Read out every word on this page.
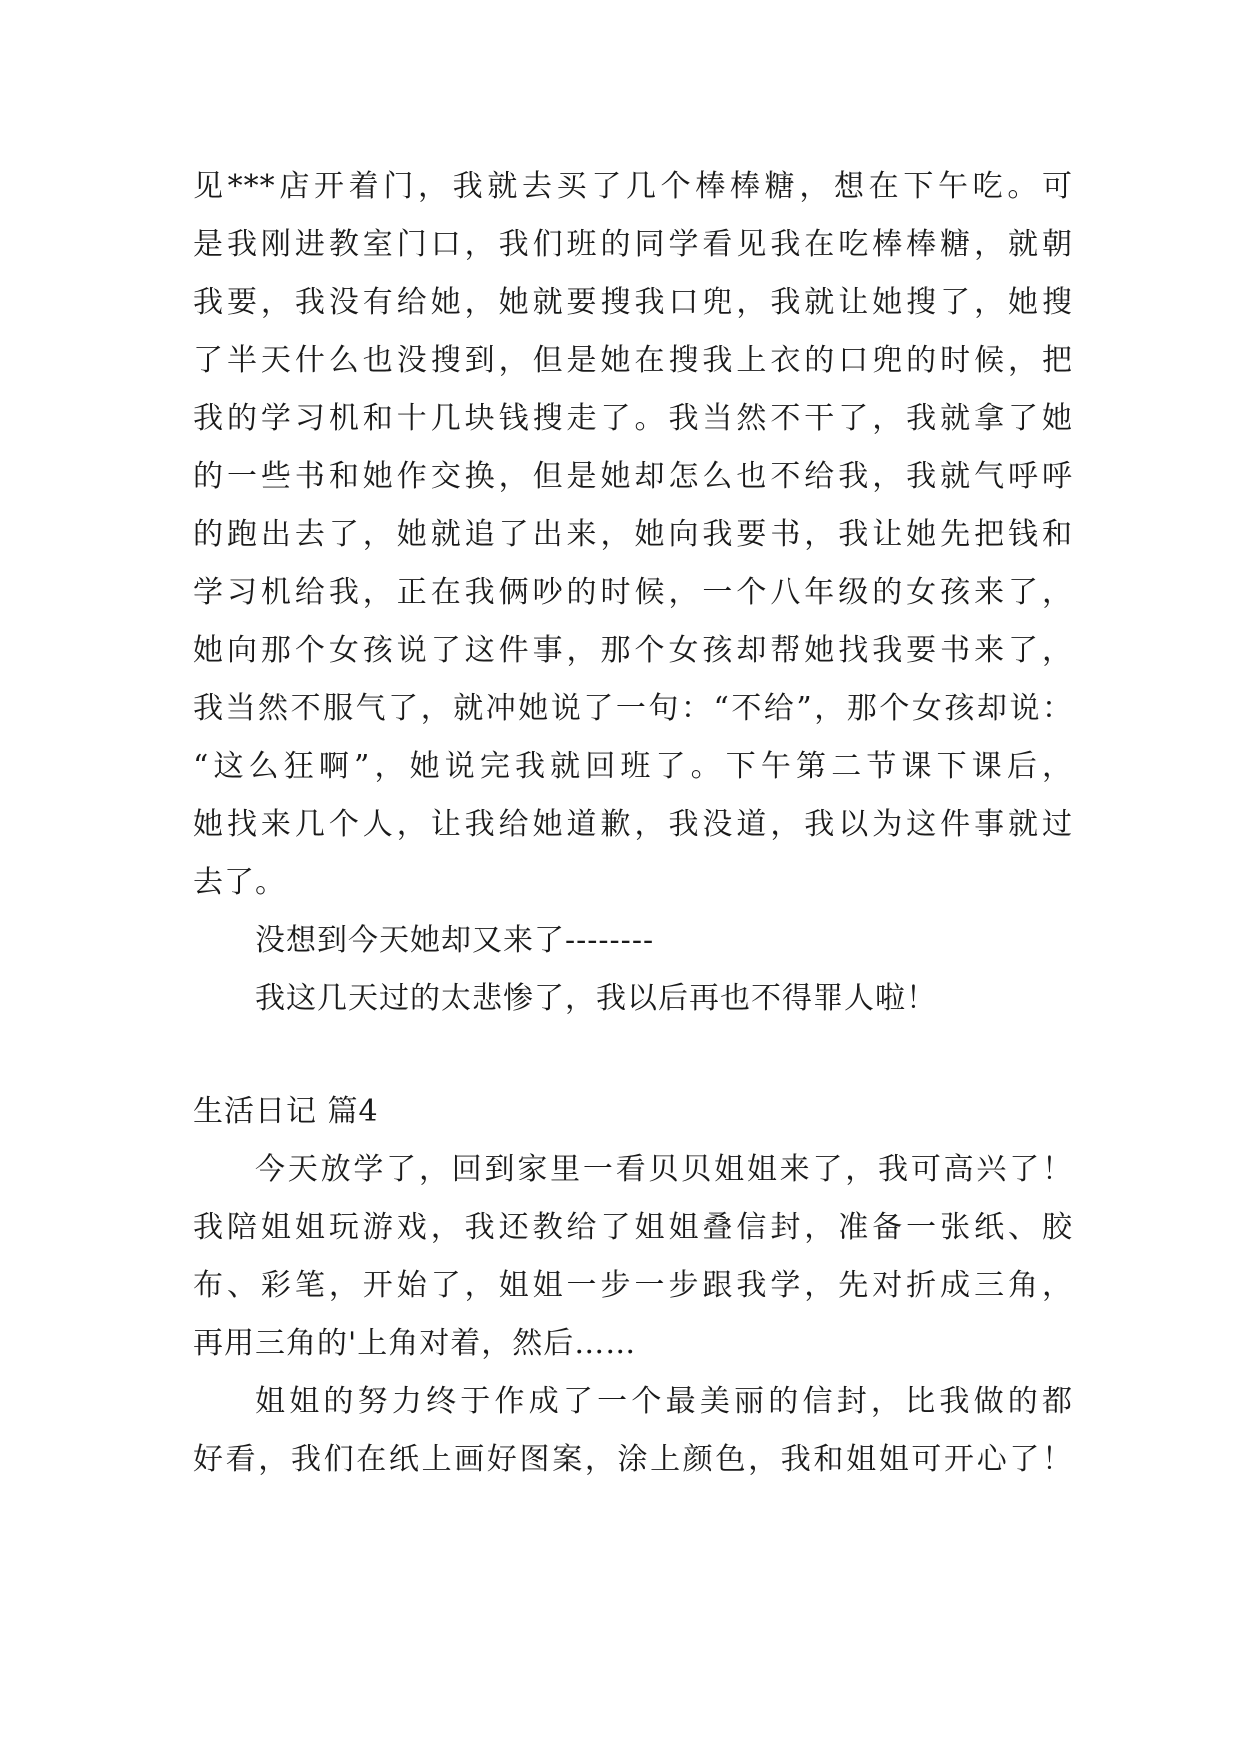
见***店开着门，我就去买了几个棒棒糖，想在下午吃。可
是我刚进教室门口，我们班的同学看见我在吃棒棒糖，就朝
我要，我没有给她，她就要搜我口兜，我就让她搜了，她搜
了半天什么也没搜到，但是她在搜我上衣的口兜的时候，把
我的学习机和十几块钱搜走了。我当然不干了，我就拿了她
的一些书和她作交换，但是她却怎么也不给我，我就气呼呼
的跑出去了，她就追了出来，她向我要书，我让她先把钱和
学习机给我，正在我俩吵的时候，一个八年级的女孩来了，
她向那个女孩说了这件事，那个女孩却帮她找我要书来了，
我当然不服气了，就冲她说了一句：“不给”，那个女孩却说：
“这么狂啊”，她说完我就回班了。下午第二节课下课后，
她找来几个人，让我给她道歉，我没道，我以为这件事就过
去了。
没想到今天她却又来了--------
我这几天过的太悲惨了，我以后再也不得罪人啦！
生活日记 篇4
今天放学了，回到家里一看贝贝姐姐来了，我可高兴了！
我陪姐姐玩游戏，我还教给了姐姐叠信封，准备一张纸、胶
布、彩笔，开始了，姐姐一步一步跟我学，先对折成三角，
再用三角的'上角对着，然后……
姐姐的努力终于作成了一个最美丽的信封，比我做的都
好看，我们在纸上画好图案，涂上颜色，我和姐姐可开心了！
